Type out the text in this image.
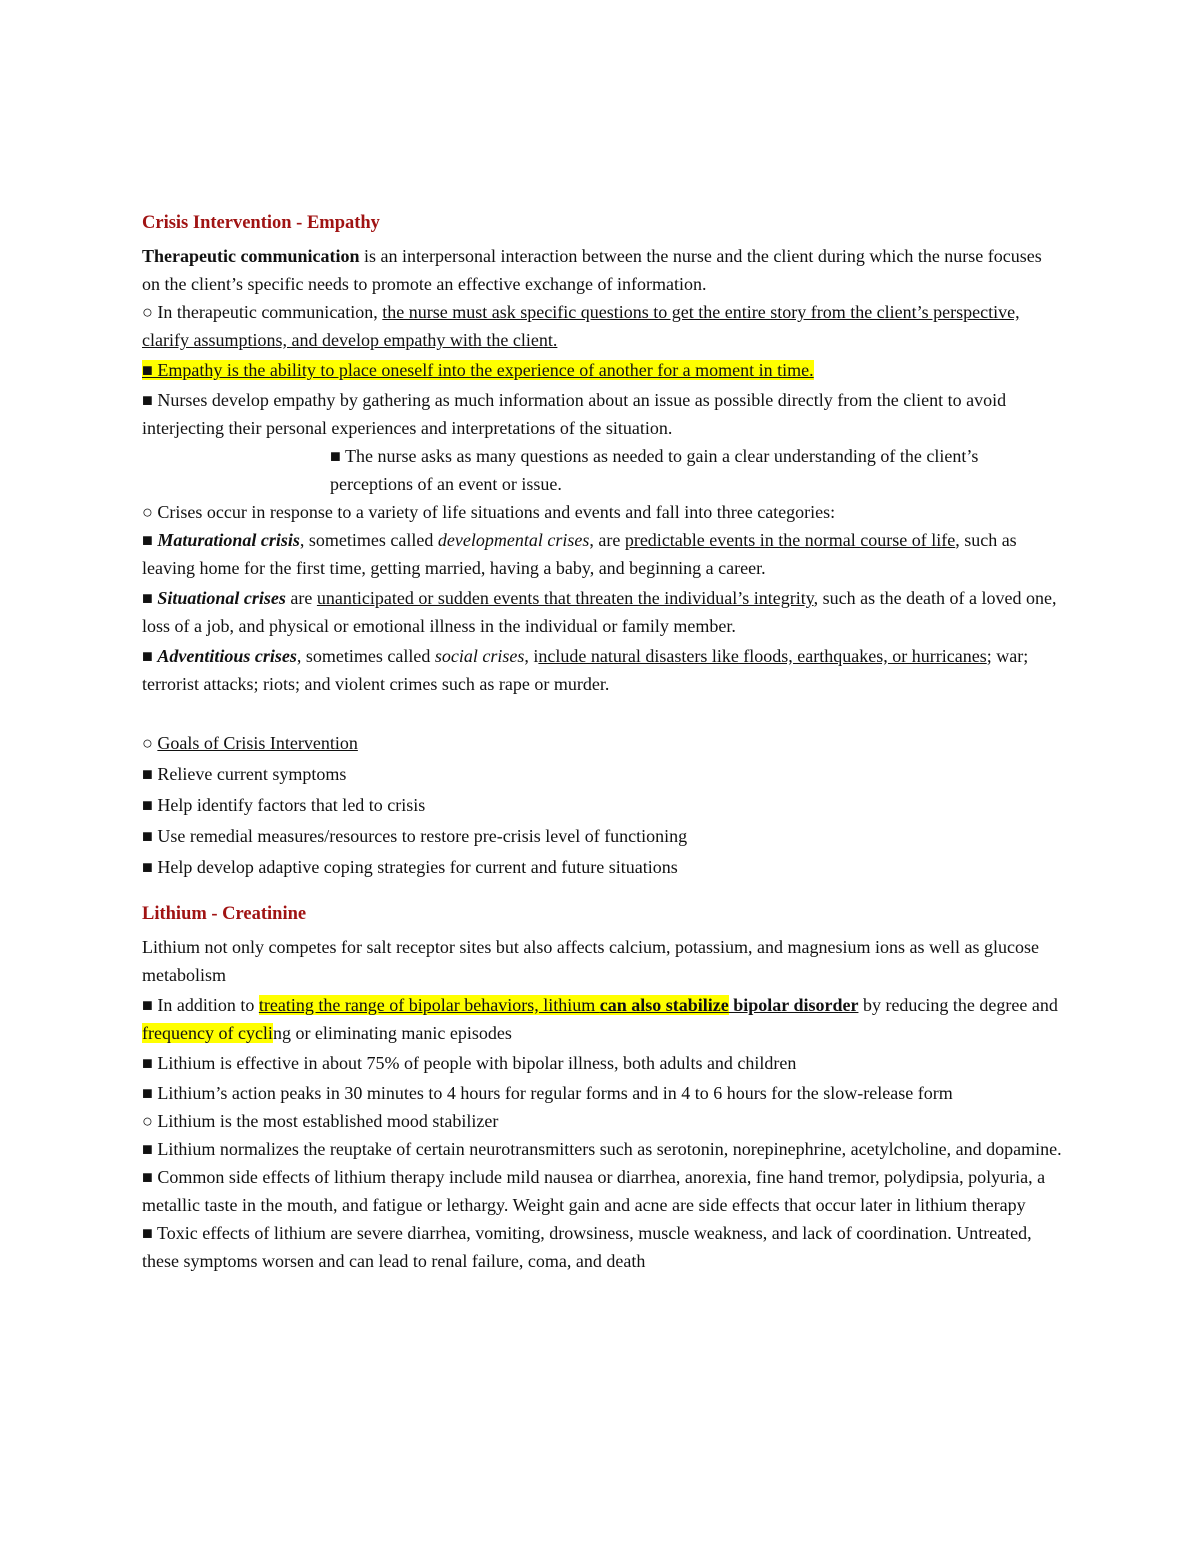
Crisis Intervention - Empathy

Therapeutic communication is an interpersonal interaction between the nurse and the client during which the nurse focuses on the client’s specific needs to promote an effective exchange of information.

○ In therapeutic communication, the nurse must ask specific questions to get the entire story from the client’s perspective, clarify assumptions, and develop empathy with the client.

■ Empathy is the ability to place oneself into the experience of another for a moment in time.

■ Nurses develop empathy by gathering as much information about an issue as possible directly from the client to avoid interjecting their personal experiences and interpretations of the situation.

■ The nurse asks as many questions as needed to gain a clear understanding of the client’s perceptions of an event or issue.

○ Crises occur in response to a variety of life situations and events and fall into three categories:

■ Maturational crisis, sometimes called developmental crises, are predictable events in the normal course of life, such as leaving home for the first time, getting married, having a baby, and beginning a career.

■ Situational crises are unanticipated or sudden events that threaten the individual’s integrity, such as the death of a loved one, loss of a job, and physical or emotional illness in the individual or family member.

■ Adventitious crises, sometimes called social crises, include natural disasters like floods, earthquakes, or hurricanes; war; terrorist attacks; riots; and violent crimes such as rape or murder.

○ Goals of Crisis Intervention

■ Relieve current symptoms

■ Help identify factors that led to crisis

■ Use remedial measures/resources to restore pre-crisis level of functioning

■ Help develop adaptive coping strategies for current and future situations

Lithium - Creatinine

Lithium not only competes for salt receptor sites but also affects calcium, potassium, and magnesium ions as well as glucose metabolism

■ In addition to treating the range of bipolar behaviors, lithium can also stabilize bipolar disorder by reducing the degree and frequency of cycling or eliminating manic episodes

■ Lithium is effective in about 75% of people with bipolar illness, both adults and children

■ Lithium’s action peaks in 30 minutes to 4 hours for regular forms and in 4 to 6 hours for the slow-release form

○ Lithium is the most established mood stabilizer

■ Lithium normalizes the reuptake of certain neurotransmitters such as serotonin, norepinephrine, acetylcholine, and dopamine.

■ Common side effects of lithium therapy include mild nausea or diarrhea, anorexia, fine hand tremor, polydipsia, polyuria, a metallic taste in the mouth, and fatigue or lethargy. Weight gain and acne are side effects that occur later in lithium therapy

■ Toxic effects of lithium are severe diarrhea, vomiting, drowsiness, muscle weakness, and lack of coordination. Untreated, these symptoms worsen and can lead to renal failure, coma, and death
